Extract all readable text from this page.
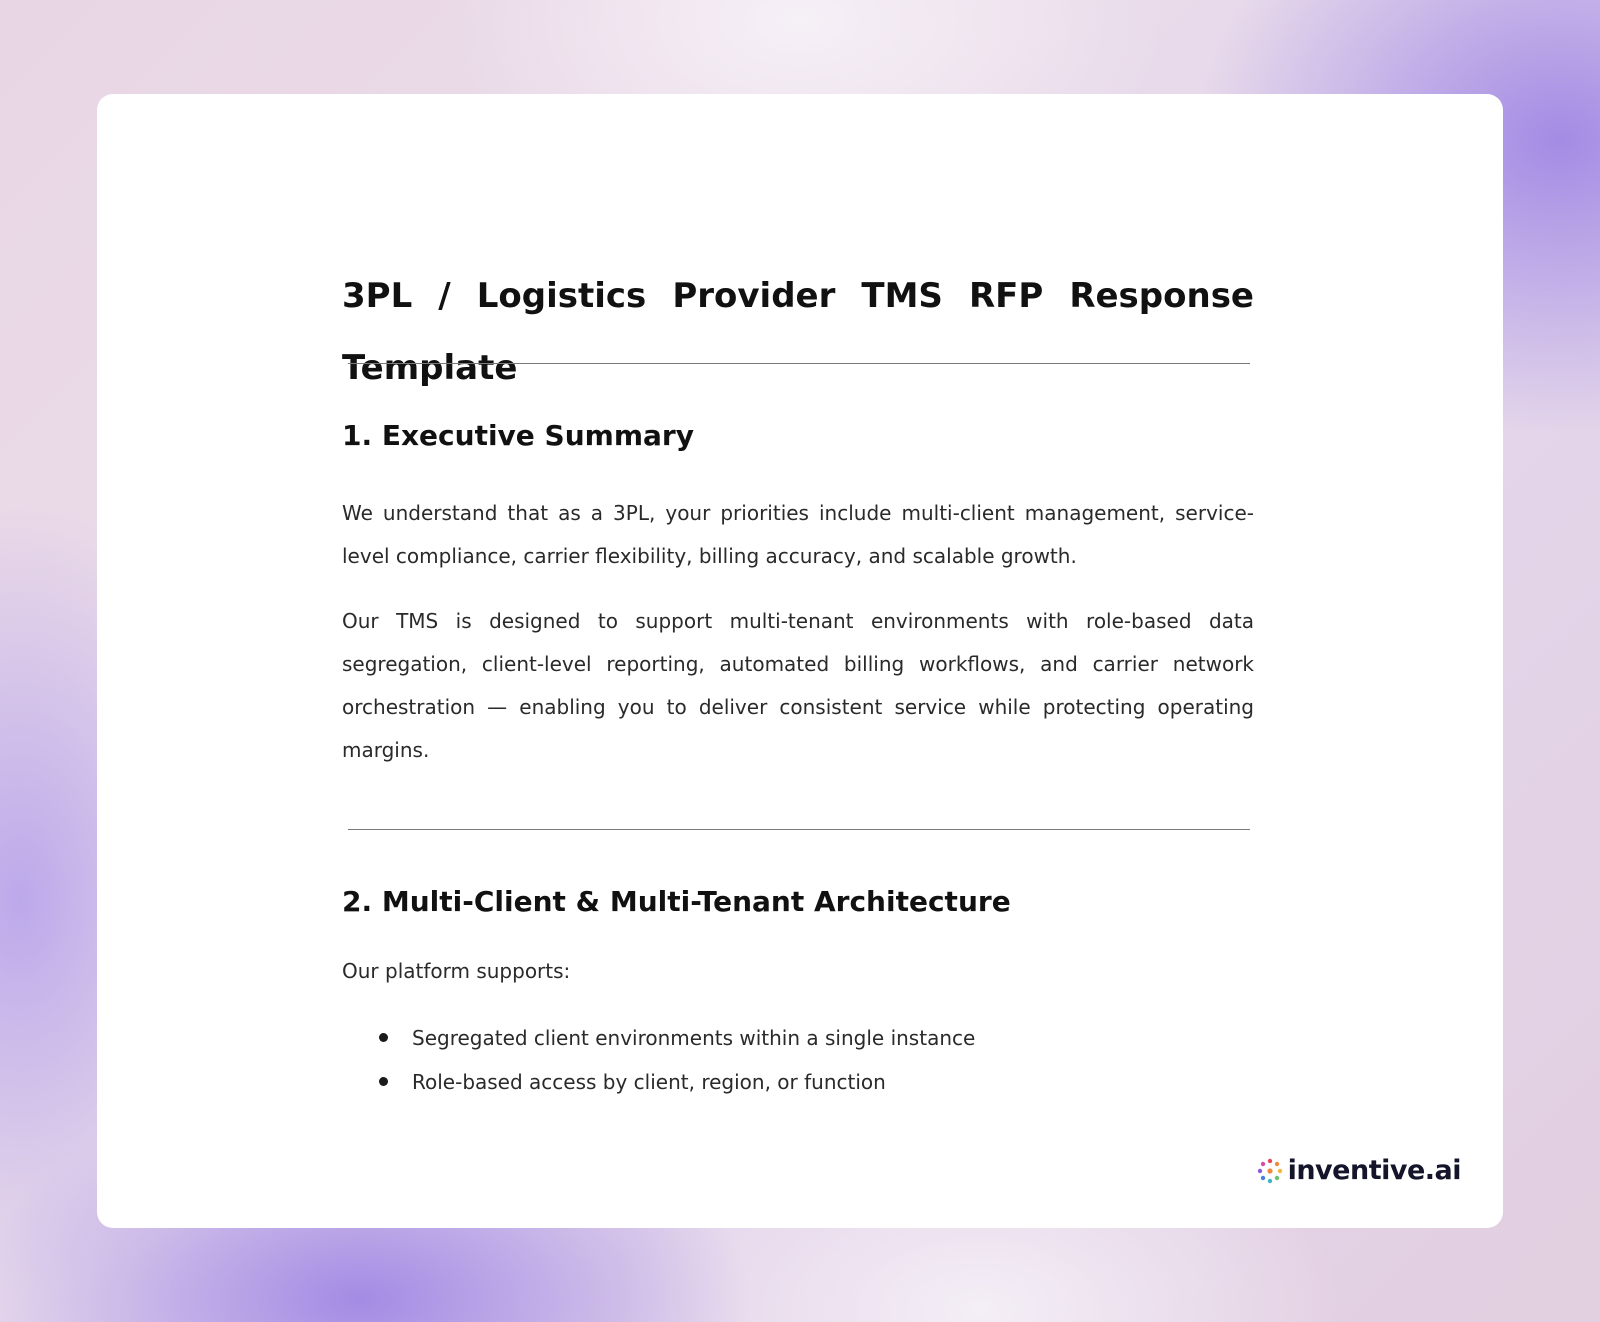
3PL / Logistics Provider TMS RFP Response Template
1. Executive Summary

We understand that as a 3PL, your priorities include multi-client management, service-level compliance, carrier flexibility, billing accuracy, and scalable growth.

Our TMS is designed to support multi-tenant environments with role-based data segregation, client-level reporting, automated billing workflows, and carrier network orchestration — enabling you to deliver consistent service while protecting operating margins.

2. Multi-Client & Multi-Tenant Architecture

Our platform supports:

Segregated client environments within a single instance
Role-based access by client, region, or function
inventive.ai
